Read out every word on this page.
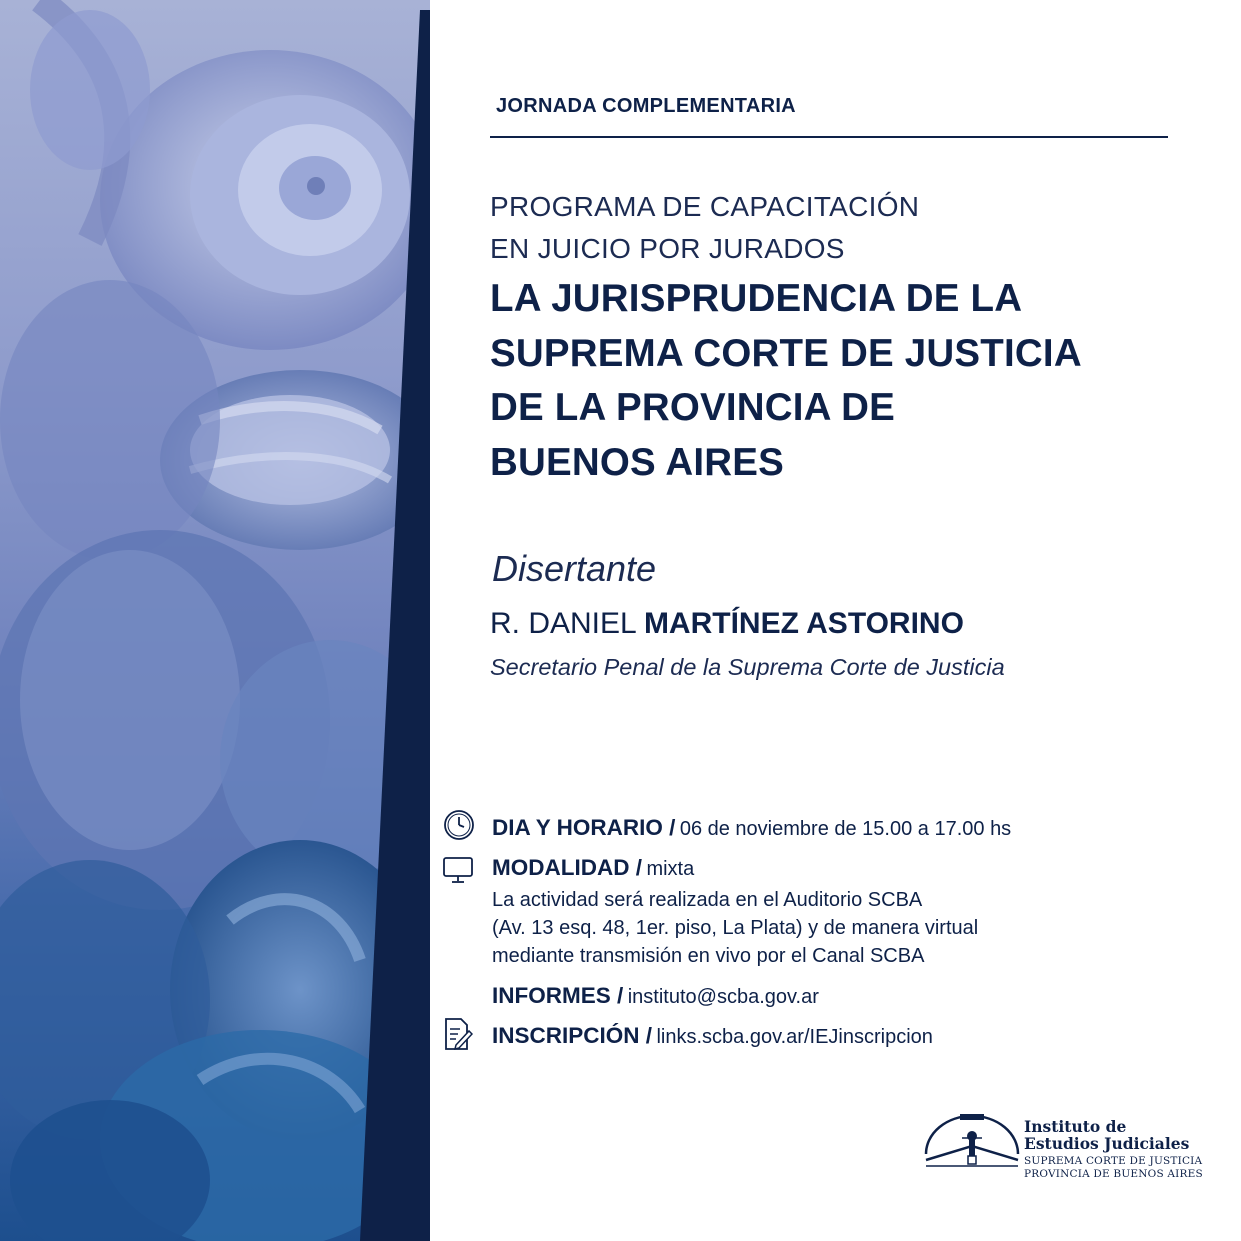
JORNADA COMPLEMENTARIA
PROGRAMA DE CAPACITACIÓN
EN JUICIO POR JURADOS
LA JURISPRUDENCIA DE LA
SUPREMA CORTE DE JUSTICIA
DE LA PROVINCIA DE
BUENOS AIRES
Disertante
R. DANIEL MARTÍNEZ ASTORINO
Secretario Penal de la Suprema Corte de Justicia
DIA Y HORARIO / 06 de noviembre de 15.00 a 17.00 hs
MODALIDAD / mixta
La actividad será realizada en el Auditorio SCBA
(Av. 13 esq. 48, 1er. piso, La Plata) y de manera virtual
mediante transmisión en vivo por el Canal SCBA
INFORMES / instituto@scba.gov.ar
INSCRIPCIÓN / links.scba.gov.ar/IEJinscripcion
Instituto de
Estudios Judiciales
SUPREMA CORTE DE JUSTICIA
PROVINCIA DE BUENOS AIRES
